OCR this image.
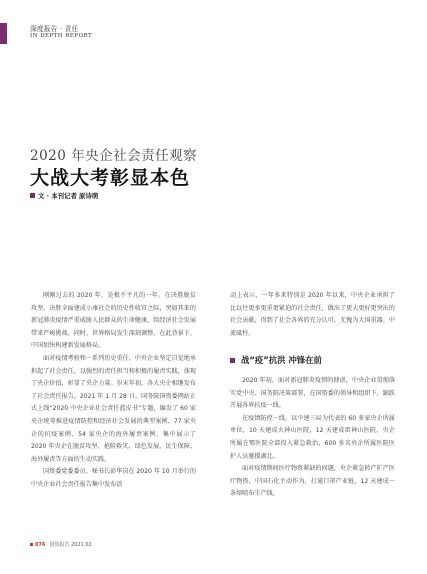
深度报告 · 责任
IN DEPTH REPORT
2020 年央企社会责任观察
大战大考彰显本色
文 · 本刊记者 原诗萌

刚刚过去的 2020 年，是极不平凡的一年。在决胜脱贫攻坚、决胜全面建成小康社会的历史性收官之际，突如其来的新冠肺炎疫情严重威胁人民群众的生命健康，给经济社会发展带来严峻挑战。同时，世界格局发生深刻调整，在此背景下，中国加快构建新发展格局。

面对疫情考验和一系列历史重任，中央企业坚定自觉地承担起了社会责任，以强烈的责任担当和积极的履责实践，体现了央企价值，彰显了央企力量。岁末年初，各大央企相继发布了社会责任报告。2021 年 1 月 28 日，国务院国资委网站正式上线“2020 中央企业社会责任蓝皮书”专题，编发了 60 家央企统筹推进疫情防控和经济社会发展的典型案例、77 家央企的抗疫案例、54 家央企的海外履责案例，集中展示了 2020 年央企在脱贫攻坚、抢险救灾、绿色发展、民生保障、海外履责等方面的生动实践。

国资委党委委员、秘书长彭华岗在 2020 年 10 月举行的中央企业社会责任报告集中发布活

动上表示，一年多来特别是 2020 年以来，中央企业承担了比以往更多更重更紧迫的社会责任，做出了更大更好更突出的社会贡献，得到了社会各界的充分认可，无愧为大国重器、中流砥柱。

战“疫”抗洪 冲锋在前

2020 年初，面对新冠肺炎疫情的肆虐，中央企业贯彻落实党中央、国务院决策部署，在国资委的领导和组织下，踊跃开展各界抗疫一线。

在疫情防控一线，以中建三局为代表的 60 多家央企所属单位，10 天建成火神山医院，12 天建成雷神山医院，央企所属在鄂医院全部投入紧急救治，600 多名央企所属医院医护人员驰援湖北。

面对疫情期间医疗物资紧缺的问题，央企紧急转产扩产医疗物资，中国石化主动作为，打通口罩产业链，12 天建成一条熔喷布生产线，

076 国资报告 2021.02
